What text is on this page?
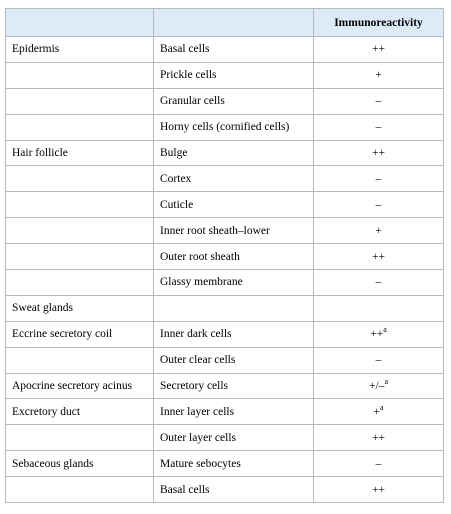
		Immunoreactivity
Epidermis	Basal cells	++
	Prickle cells	+
	Granular cells	–
	Horny cells (cornified cells)	–
Hair follicle	Bulge	++
	Cortex	–
	Cuticle	–
	Inner root sheath–lower	+
	Outer root sheath	++
	Glassy membrane	–
Sweat glands		
Eccrine secretory coil	Inner dark cells	++$^a$
	Outer clear cells	–
Apocrine secretory acinus	Secretory cells	+/–$^a$
Excretory duct	Inner layer cells	+$^a$
	Outer layer cells	++
Sebaceous glands	Mature sebocytes	–
	Basal cells	++
